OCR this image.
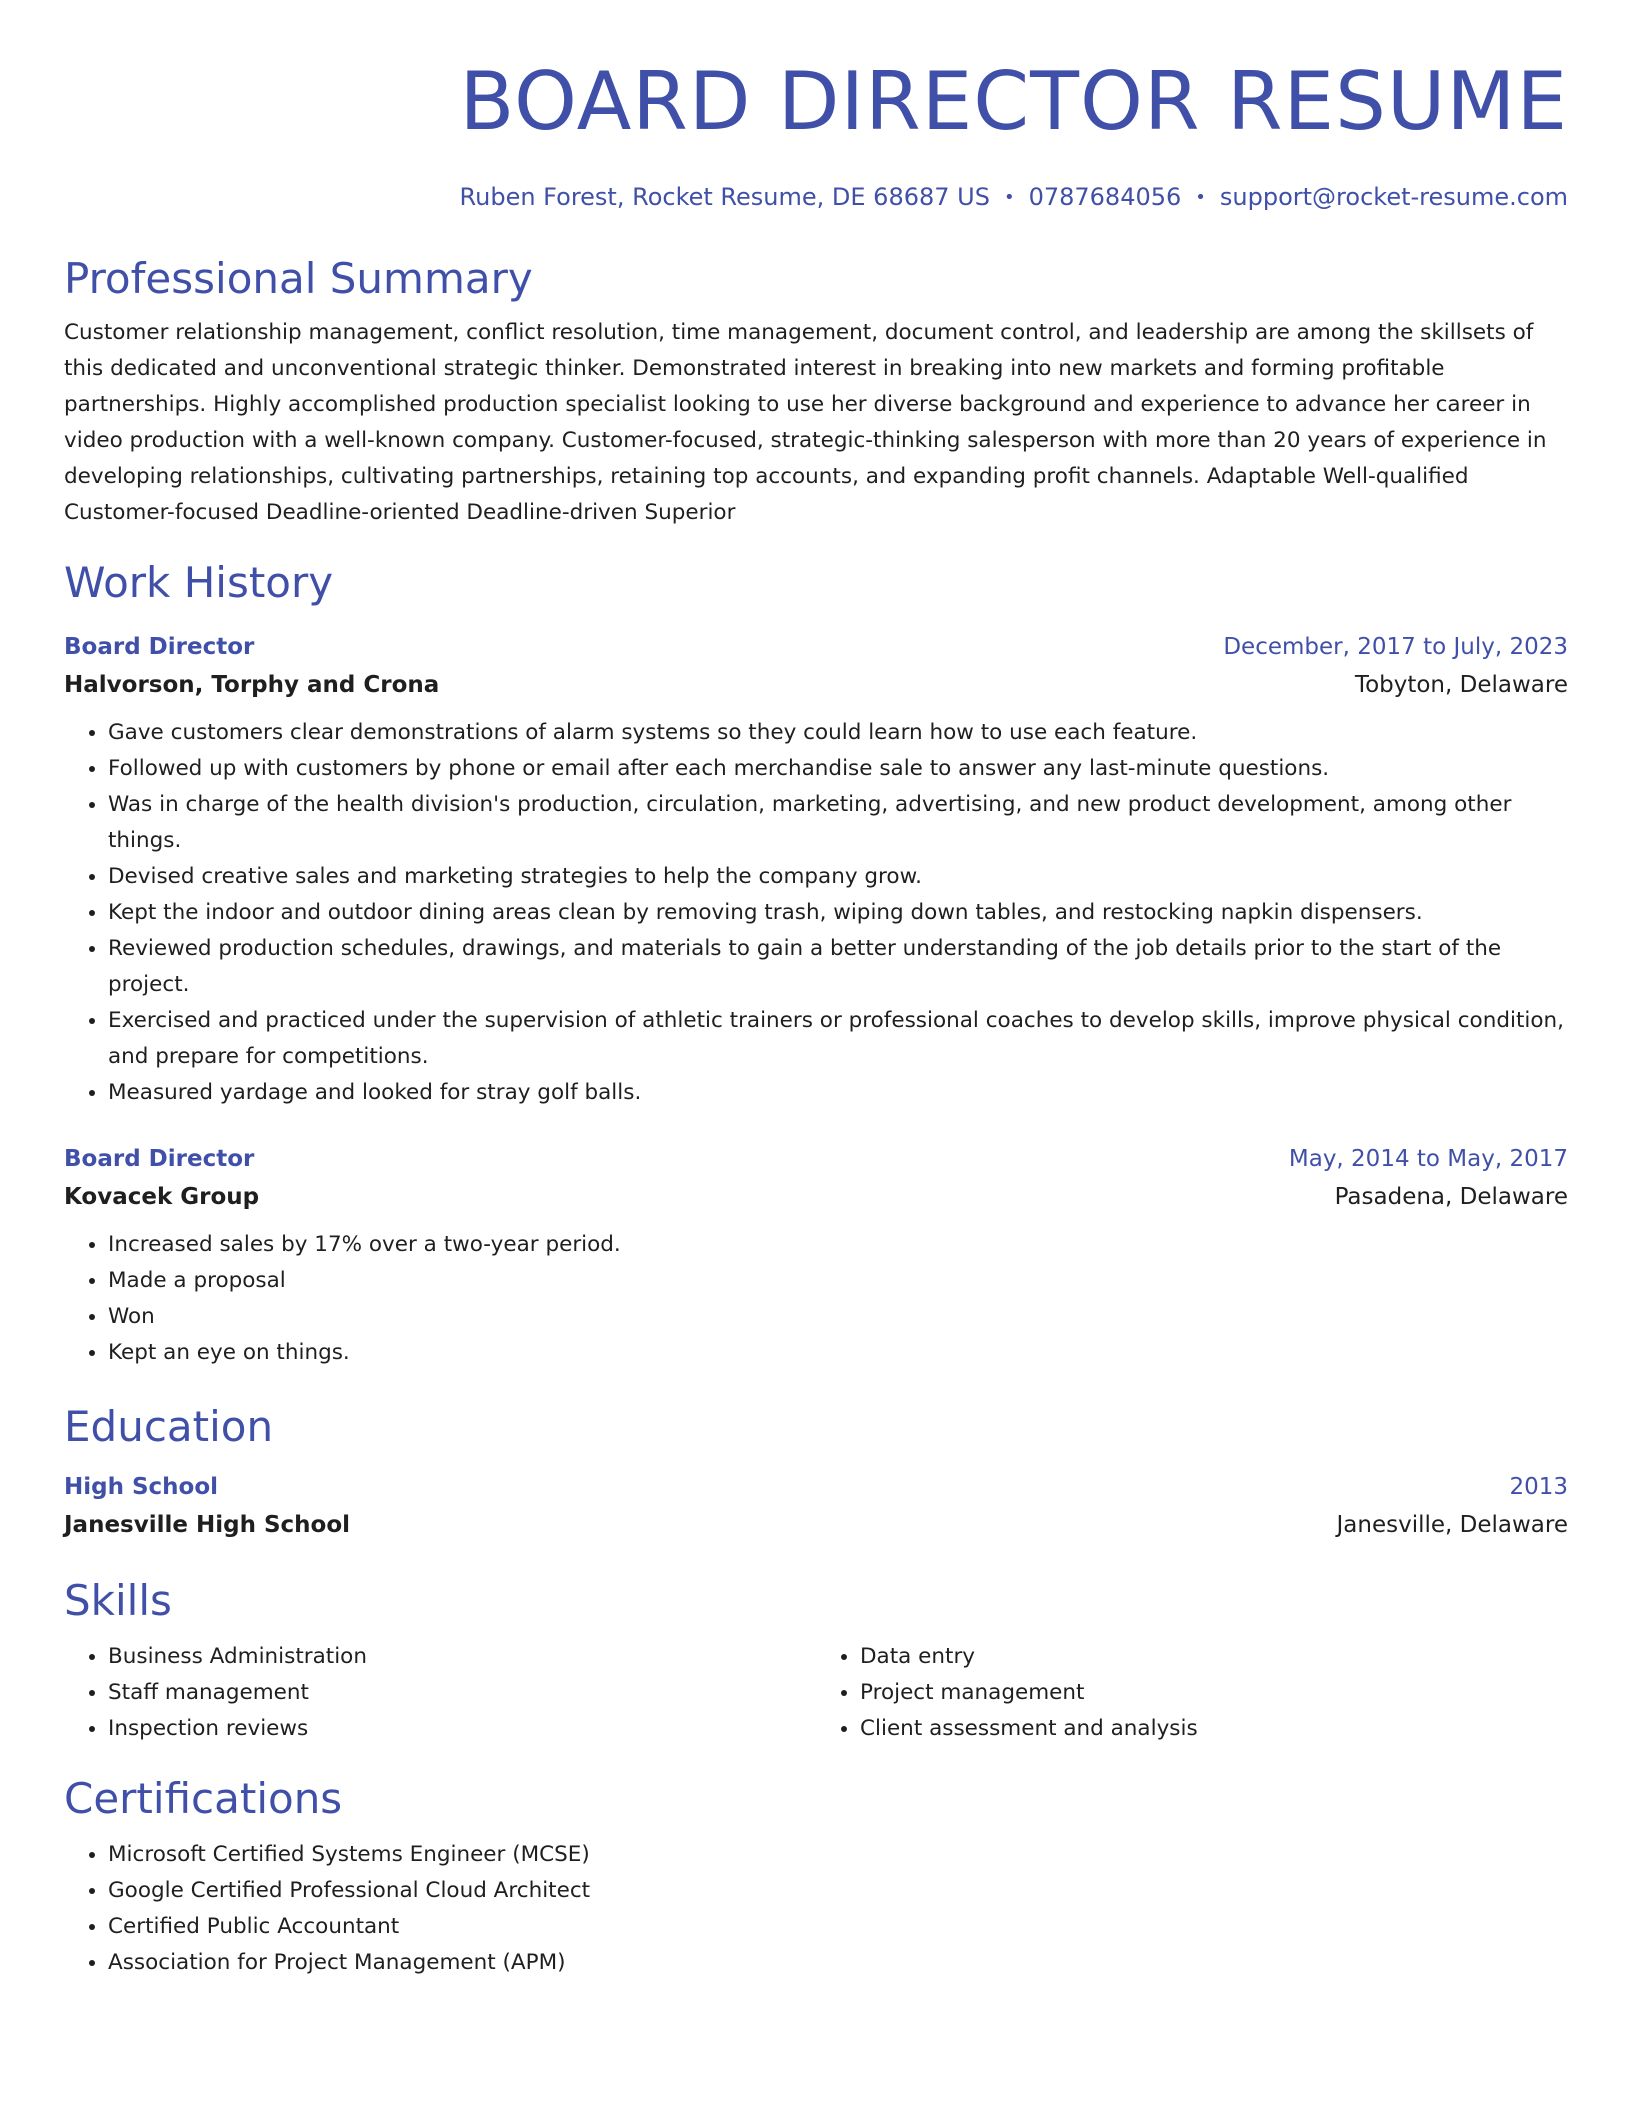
BOARD DIRECTOR RESUME
Ruben Forest, Rocket Resume, DE 68687 US • 0787684056 • support@rocket-resume.com
Professional Summary
Customer relationship management, conflict resolution, time management, document control, and leadership are among the skillsets of this dedicated and unconventional strategic thinker. Demonstrated interest in breaking into new markets and forming profitable partnerships. Highly accomplished production specialist looking to use her diverse background and experience to advance her career in video production with a well-known company. Customer-focused, strategic-thinking salesperson with more than 20 years of experience in developing relationships, cultivating partnerships, retaining top accounts, and expanding profit channels. Adaptable Well-qualified Customer-focused Deadline-oriented Deadline-driven Superior
Work History
Board Director	December, 2017 to July, 2023
Halvorson, Torphy and Crona	Tobyton, Delaware
• Gave customers clear demonstrations of alarm systems so they could learn how to use each feature.
• Followed up with customers by phone or email after each merchandise sale to answer any last-minute questions.
• Was in charge of the health division's production, circulation, marketing, advertising, and new product development, among other things.
• Devised creative sales and marketing strategies to help the company grow.
• Kept the indoor and outdoor dining areas clean by removing trash, wiping down tables, and restocking napkin dispensers.
• Reviewed production schedules, drawings, and materials to gain a better understanding of the job details prior to the start of the project.
• Exercised and practiced under the supervision of athletic trainers or professional coaches to develop skills, improve physical condition, and prepare for competitions.
• Measured yardage and looked for stray golf balls.
Board Director	May, 2014 to May, 2017
Kovacek Group	Pasadena, Delaware
• Increased sales by 17% over a two-year period.
• Made a proposal
• Won
• Kept an eye on things.
Education
High School	2013
Janesville High School	Janesville, Delaware
Skills
• Business Administration
• Staff management
• Inspection reviews
• Data entry
• Project management
• Client assessment and analysis
Certifications
• Microsoft Certified Systems Engineer (MCSE)
• Google Certified Professional Cloud Architect
• Certified Public Accountant
• Association for Project Management (APM)
